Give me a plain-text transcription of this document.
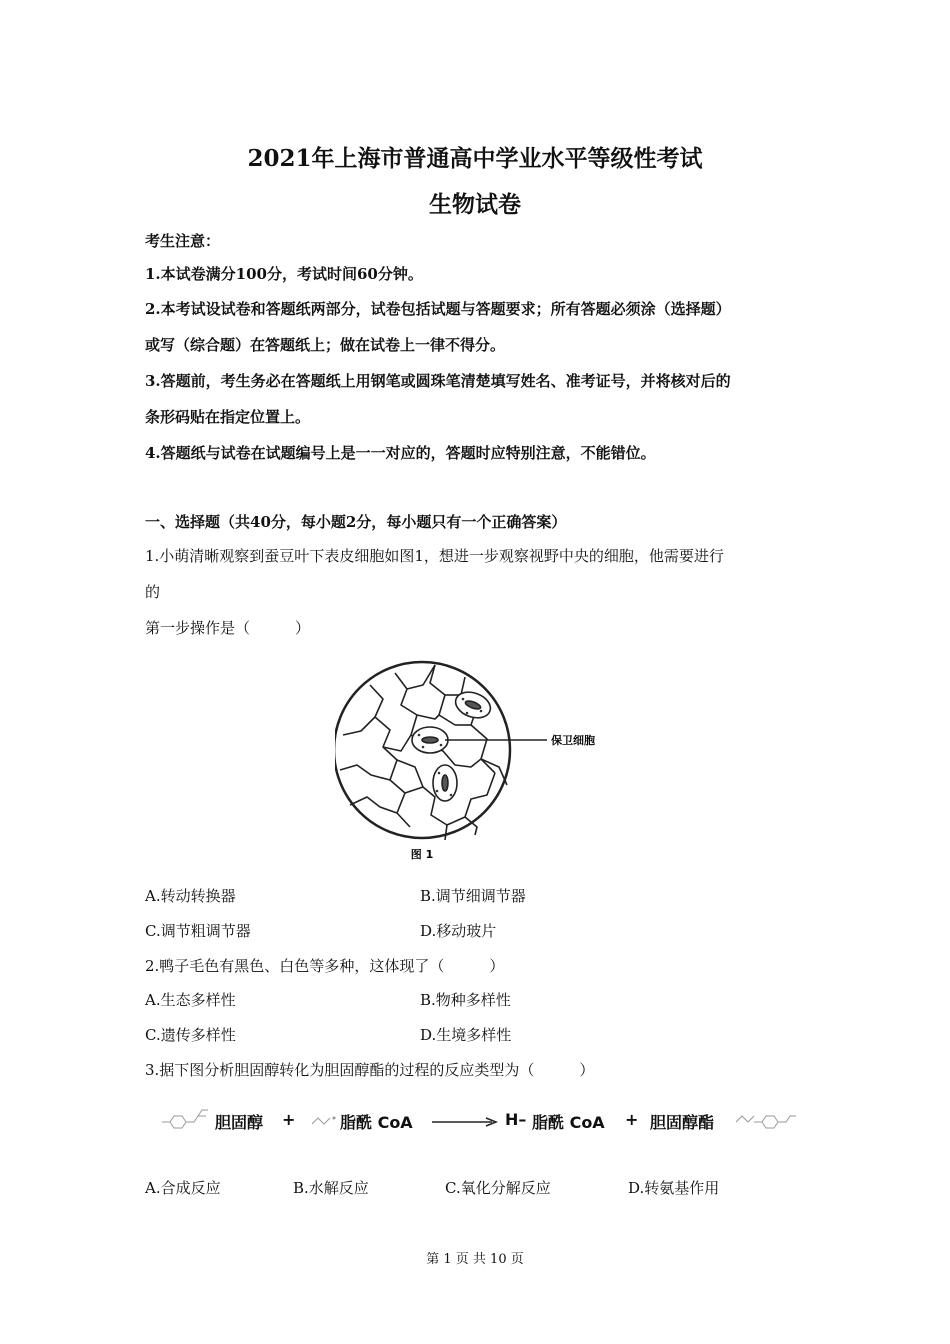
2021年上海市普通高中学业水平等级性考试
生物试卷
考生注意：
1.本试卷满分100分，考试时间60分钟。
2.本考试设试卷和答题纸两部分，试卷包括试题与答题要求；所有答题必须涂（选择题）
或写（综合题）在答题纸上；做在试卷上一律不得分。
3.答题前，考生务必在答题纸上用钢笔或圆珠笔清楚填写姓名、准考证号，并将核对后的
条形码贴在指定位置上。
4.答题纸与试卷在试题编号上是一一对应的，答题时应特别注意，不能错位。
一、选择题（共40分，每小题2分，每小题只有一个正确答案）
1.小萌清晰观察到蚕豆叶下表皮细胞如图1，想进一步观察视野中央的细胞，他需要进行
的
第一步操作是（　　　）
保卫细胞
图 1
A.转动转换器	B.调节细调节器
C.调节粗调节器	D.移动玻片
2.鸭子毛色有黑色、白色等多种，这体现了（　　　）
A.生态多样性	B.物种多样性
C.遗传多样性	D.生境多样性
3.据下图分析胆固醇转化为胆固醇酯的过程的反应类型为（　　　）
胆固醇 +	脂酰 CoA	H– 脂酰 CoA + 胆固醇酯
A.合成反应	B.水解反应	C.氧化分解反应	D.转氨基作用
第 1 页 共 10 页
